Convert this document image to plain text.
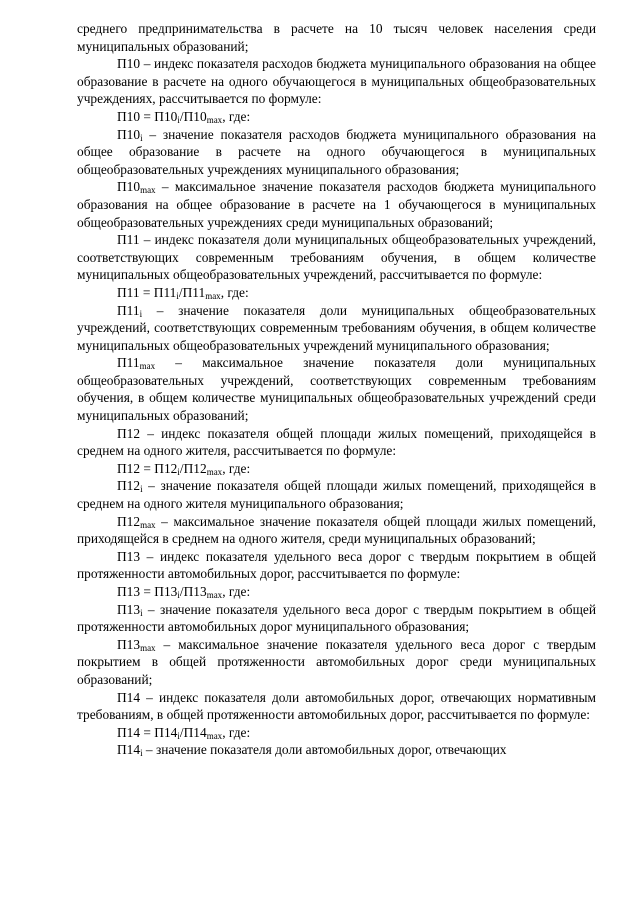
среднего предпринимательства в расчете на 10 тысяч человек населения среди муниципальных образований;

П10 – индекс показателя расходов бюджета муниципального образования на общее образование в расчете на одного обучающегося в муниципальных общеобразовательных учреждениях, рассчитывается по формуле:

$П10 = П10_i/П10_{max}$, где:

$П10_i$ – значение показателя расходов бюджета муниципального образования на общее образование в расчете на одного обучающегося в муниципальных общеобразовательных учреждениях муниципального образования;

$П10_{max}$ – максимальное значение показателя расходов бюджета муниципального образования на общее образование в расчете на 1 обучающегося в муниципальных общеобразовательных учреждениях среди муниципальных образований;

П11 – индекс показателя доли муниципальных общеобразовательных учреждений, соответствующих современным требованиям обучения, в общем количестве муниципальных общеобразовательных учреждений, рассчитывается по формуле:

$П11 = П11_i/П11_{max}$, где:

$П11_i$ – значение показателя доли муниципальных общеобразовательных учреждений, соответствующих современным требованиям обучения, в общем количестве муниципальных общеобразовательных учреждений муниципального образования;

$П11_{max}$ – максимальное значение показателя доли муниципальных общеобразовательных учреждений, соответствующих современным требованиям обучения, в общем количестве муниципальных общеобразовательных учреждений среди муниципальных образований;

П12 – индекс показателя общей площади жилых помещений, приходящейся в среднем на одного жителя, рассчитывается по формуле:

$П12 = П12_i/П12_{max}$, где:

$П12_i$ – значение показателя общей площади жилых помещений, приходящейся в среднем на одного жителя муниципального образования;

$П12_{max}$ – максимальное значение показателя общей площади жилых помещений, приходящейся в среднем на одного жителя, среди муниципальных образований;

П13 – индекс показателя удельного веса дорог с твердым покрытием в общей протяженности автомобильных дорог, рассчитывается по формуле:

$П13 = П13_i/П13_{max}$, где:

$П13_i$ – значение показателя удельного веса дорог с твердым покрытием в общей протяженности автомобильных дорог муниципального образования;

$П13_{max}$ – максимальное значение показателя удельного веса дорог с твердым покрытием в общей протяженности автомобильных дорог среди муниципальных образований;

П14 – индекс показателя доли автомобильных дорог, отвечающих нормативным требованиям, в общей протяженности автомобильных дорог, рассчитывается по формуле:

$П14 = П14_i/П14_{max}$, где:

$П14_i$ – значение показателя доли автомобильных дорог, отвечающих
